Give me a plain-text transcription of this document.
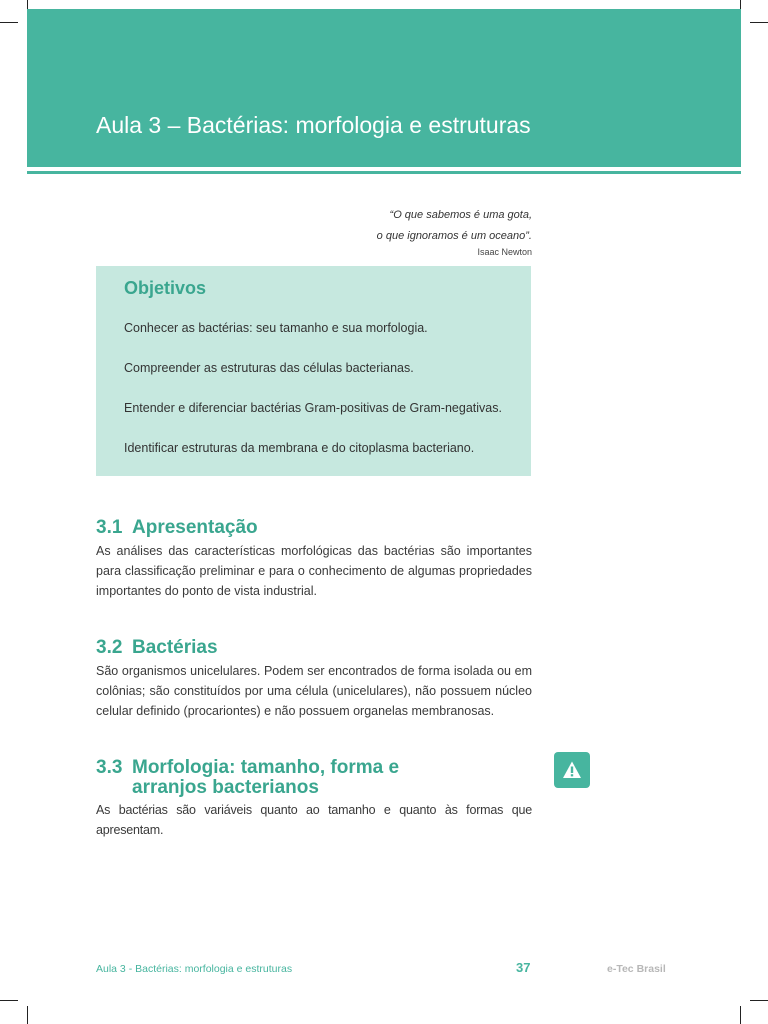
Aula 3 – Bactérias: morfologia e estruturas
“O que sabemos é uma gota,
o que ignoramos é um oceano”.
Isaac Newton
Objetivos
Conhecer as bactérias: seu tamanho e sua morfologia.
Compreender as estruturas das células bacterianas.
Entender e diferenciar bactérias Gram-positivas de Gram-negativas.
Identificar estruturas da membrana e do citoplasma bacteriano.
3.1 Apresentação

As análises das características morfológicas das bactérias são importantes para classificação preliminar e para o conhecimento de algumas propriedades importantes do ponto de vista industrial.

3.2 Bactérias

São organismos unicelulares. Podem ser encontrados de forma isolada ou em colônias; são constituídos por uma célula (unicelulares), não possuem núcleo celular definido (procariontes) e não possuem organelas membranosas.

3.3 Morfologia: tamanho, forma e
arranjos bacterianos

As bactérias são variáveis quanto ao tamanho e quanto às formas que apresentam.

Aula 3 - Bactérias: morfologia e estruturas	37	e-Tec Brasil
